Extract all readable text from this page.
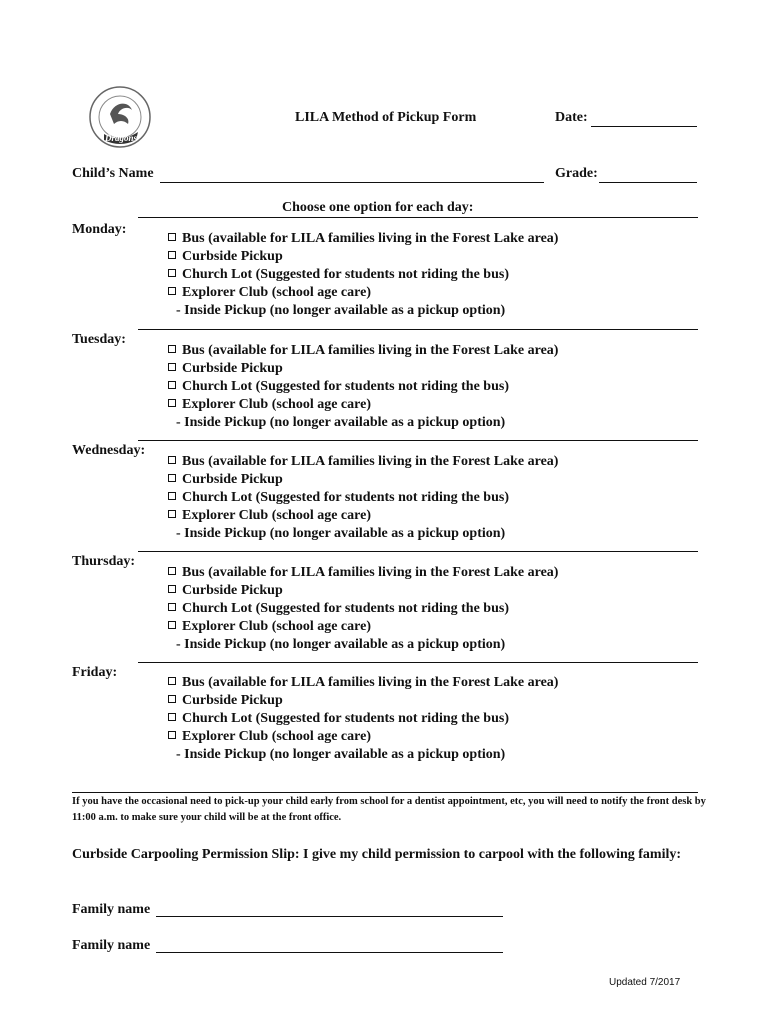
Dragons
LILA Method of Pickup Form	Date:
Child’s Name	Grade:
Choose one option for each day:
Monday:
Bus (available for LILA families living in the Forest Lake area)
Curbside Pickup
Church Lot (Suggested for students not riding the bus)
Explorer Club (school age care)
- Inside Pickup (no longer available as a pickup option)
Tuesday:
Bus (available for LILA families living in the Forest Lake area)
Curbside Pickup
Church Lot (Suggested for students not riding the bus)
Explorer Club (school age care)
- Inside Pickup (no longer available as a pickup option)
Wednesday:
Bus (available for LILA families living in the Forest Lake area)
Curbside Pickup
Church Lot (Suggested for students not riding the bus)
Explorer Club (school age care)
- Inside Pickup (no longer available as a pickup option)
Thursday:
Bus (available for LILA families living in the Forest Lake area)
Curbside Pickup
Church Lot (Suggested for students not riding the bus)
Explorer Club (school age care)
- Inside Pickup (no longer available as a pickup option)
Friday:
Bus (available for LILA families living in the Forest Lake area)
Curbside Pickup
Church Lot (Suggested for students not riding the bus)
Explorer Club (school age care)
- Inside Pickup (no longer available as a pickup option)
If you have the occasional need to pick-up your child early from school for a dentist appointment, etc, you will need to notify the front desk by 11:00 a.m. to make sure your child will be at the front office.
Curbside Carpooling Permission Slip: I give my child permission to carpool with the following family:
Family name
Family name
Updated 7/2017
